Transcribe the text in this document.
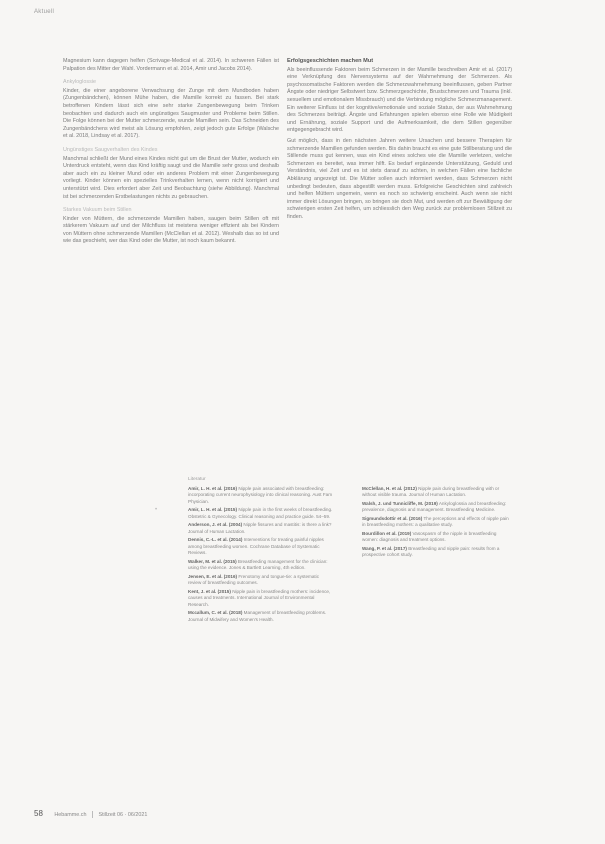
Aktuell

Magnesium kann dagegen helfen (Scrivage-Medical et al. 2014). In schweren Fällen ist Palpation des Mitter der Wahl. Vordermann et al. 2014, Amir und Jacobs 2014).

Ankyloglossie

Kinder, die einer angeborene Verwachsung der Zunge mit dem Mundboden haben (Zungenbändchen), können Mühe haben, die Mamille korrekt zu fassen. Bei stark betroffenen Kindern lässt sich eine sehr starke Zungenbewegung beim Trinken beobachten und dadurch auch ein ungünstiges Saugmuster und Probleme beim Stillen. Die Folge können bei der Mutter schmerzende, wunde Mamillen sein. Das Schneiden des Zungenbändchens wird meist als Lösung empfohlen, zeigt jedoch gute Erfolge (Walsche et al. 2018, Lindsay et al. 2017).

Ungünstiges Saugverhalten des Kindes

Manchmal schließt der Mund eines Kindes nicht gut um die Brust der Mutter, wodurch ein Unterdruck entsteht, wenn das Kind kräftig saugt und die Mamille sehr gross und deshalb aber auch ein zu kleiner Mund oder ein anderes Problem mit einer Zungenbewegung vorliegt. Kinder können ein spezielles Trinkverhalten lernen, wenn nicht korrigiert und unterstützt wird. Dies erfordert aber Zeit und Beobachtung (siehe Abbildung). Manchmal ist bei schmerzenden Erstbelastungen nichts zu gebrauchen.

Starkes Vakuum beim Stillen

Kinder von Müttern, die schmerzende Mamillen haben, saugen beim Stillen oft mit stärkerem Vakuum auf und der Milchfluss ist meistens weniger effizient als bei Kindern von Müttern ohne schmerzende Mamillen (McClellan et al. 2012). Weshalb das so ist und wie das geschieht, wer das Kind oder die Mutter, ist noch kaum bekannt.

Erfolgsgeschichten machen Mut

Als beeinflussende Faktoren beim Schmerzen in der Mamille beschreiben Amir et al. (2017) eine Verknüpfung des Nervensystems auf der Wahrnehmung der Schmerzen. Als psychosomatische Faktoren werden die Schmerzwahrnehmung beeinflussen, geben Partner Ängste oder niedriger Selbstwert bzw. Schmerzgeschichte, Brustschmerzen und Trauma (inkl. sexuellem und emotionalem Missbrauch) und die Verbindung mögliche Schmerzmanagement. Ein weiterer Einfluss ist der kognitive/emotionale und soziale Status, der aus Wahrnehmung des Schmerzes beiträgt. Ängste und Erfahrungen spielen ebenso eine Rolle wie Müdigkeit und Ernährung, soziale Support und die Aufmerksamkeit, die dem Stillen gegenüber entgegengebracht wird.

Gut möglich, dass in den nächsten Jahren weitere Ursachen und bessere Therapien für schmerzende Mamillen gefunden werden. Bis dahin braucht es eine gute Stillberatung und die Stillende muss gut kennen, was ein Kind eines solches wie die Mamille verletzen, welche Schmerzen es bereitet, was immer hilft. Es bedarf ergänzende Unterstützung, Geduld und Verständnis, viel Zeit und es ist stets darauf zu achten, in welchen Fällen eine fachliche Abklärung angezeigt ist. Die Mütter sollen auch informiert werden, dass Schmerzen nicht unbedingt bedeuten, dass abgestillt werden muss. Erfolgreiche Geschichten sind zahlreich und helfen Müttern ungemein, wenn es noch so schwierig erscheint. Auch wenn sie nicht immer direkt Lösungen bringen, so bringen sie doch Mut, und werden oft zur Bewältigung der schwierigen ersten Zeit helfen, um schliesslich den Weg zurück zur problemlosen Stillzeit zu finden.

Literatur
•
Amir, L. H. et al. (2016) Nipple pain associated with breastfeeding: incorporating current neurophysiology into clinical reasoning. Aust Fam Physician.
Amir, L. H. et al. (2015) Nipple pain in the first weeks of breastfeeding. Obstetric & Gynecology. Clinical reasoning and practice guide. 54–59.
Anderson, J. et al. (2004) Nipple fissures and mastitis: is there a link? Journal of Human Lactation.
Dennis, C.-L. et al. (2014) Interventions for treating painful nipples among breastfeeding women. Cochrane Database of Systematic Reviews.
Walker, M. et al. (2015) Breastfeeding management for the clinician: using the evidence. Jones & Bartlett Learning, 4th edition.
Jensen, E. et al. (2016) Frenotomy and tongue-tie: a systematic review of breastfeeding outcomes.
Kent, J. et al. (2015) Nipple pain in breastfeeding mothers: incidence, causes and treatments. International Journal of Environmental Research.
Mccallum, C. et al. (2018) Management of breastfeeding problems. Journal of Midwifery and Women's Health.
McClellan, H. et al. (2012) Nipple pain during breastfeeding with or without visible trauma. Journal of Human Lactation.
Walsh, J. und Tunnicliffe, M. (2019) Ankyloglossia and breastfeeding: prevalence, diagnosis and management. Breastfeeding Medicine.
Sigmundsdottir et al. (2016) The perceptions and effects of nipple pain in breastfeeding mothers: a qualitative study.
Bourdillon et al. (2019) Vasospasm of the nipple in breastfeeding women: diagnosis and treatment options.
Wang, P. et al. (2017) Breastfeeding and nipple pain: results from a prospective cohort study.
58 Hebamme.ch Stillzeit 06 · 06/2021
